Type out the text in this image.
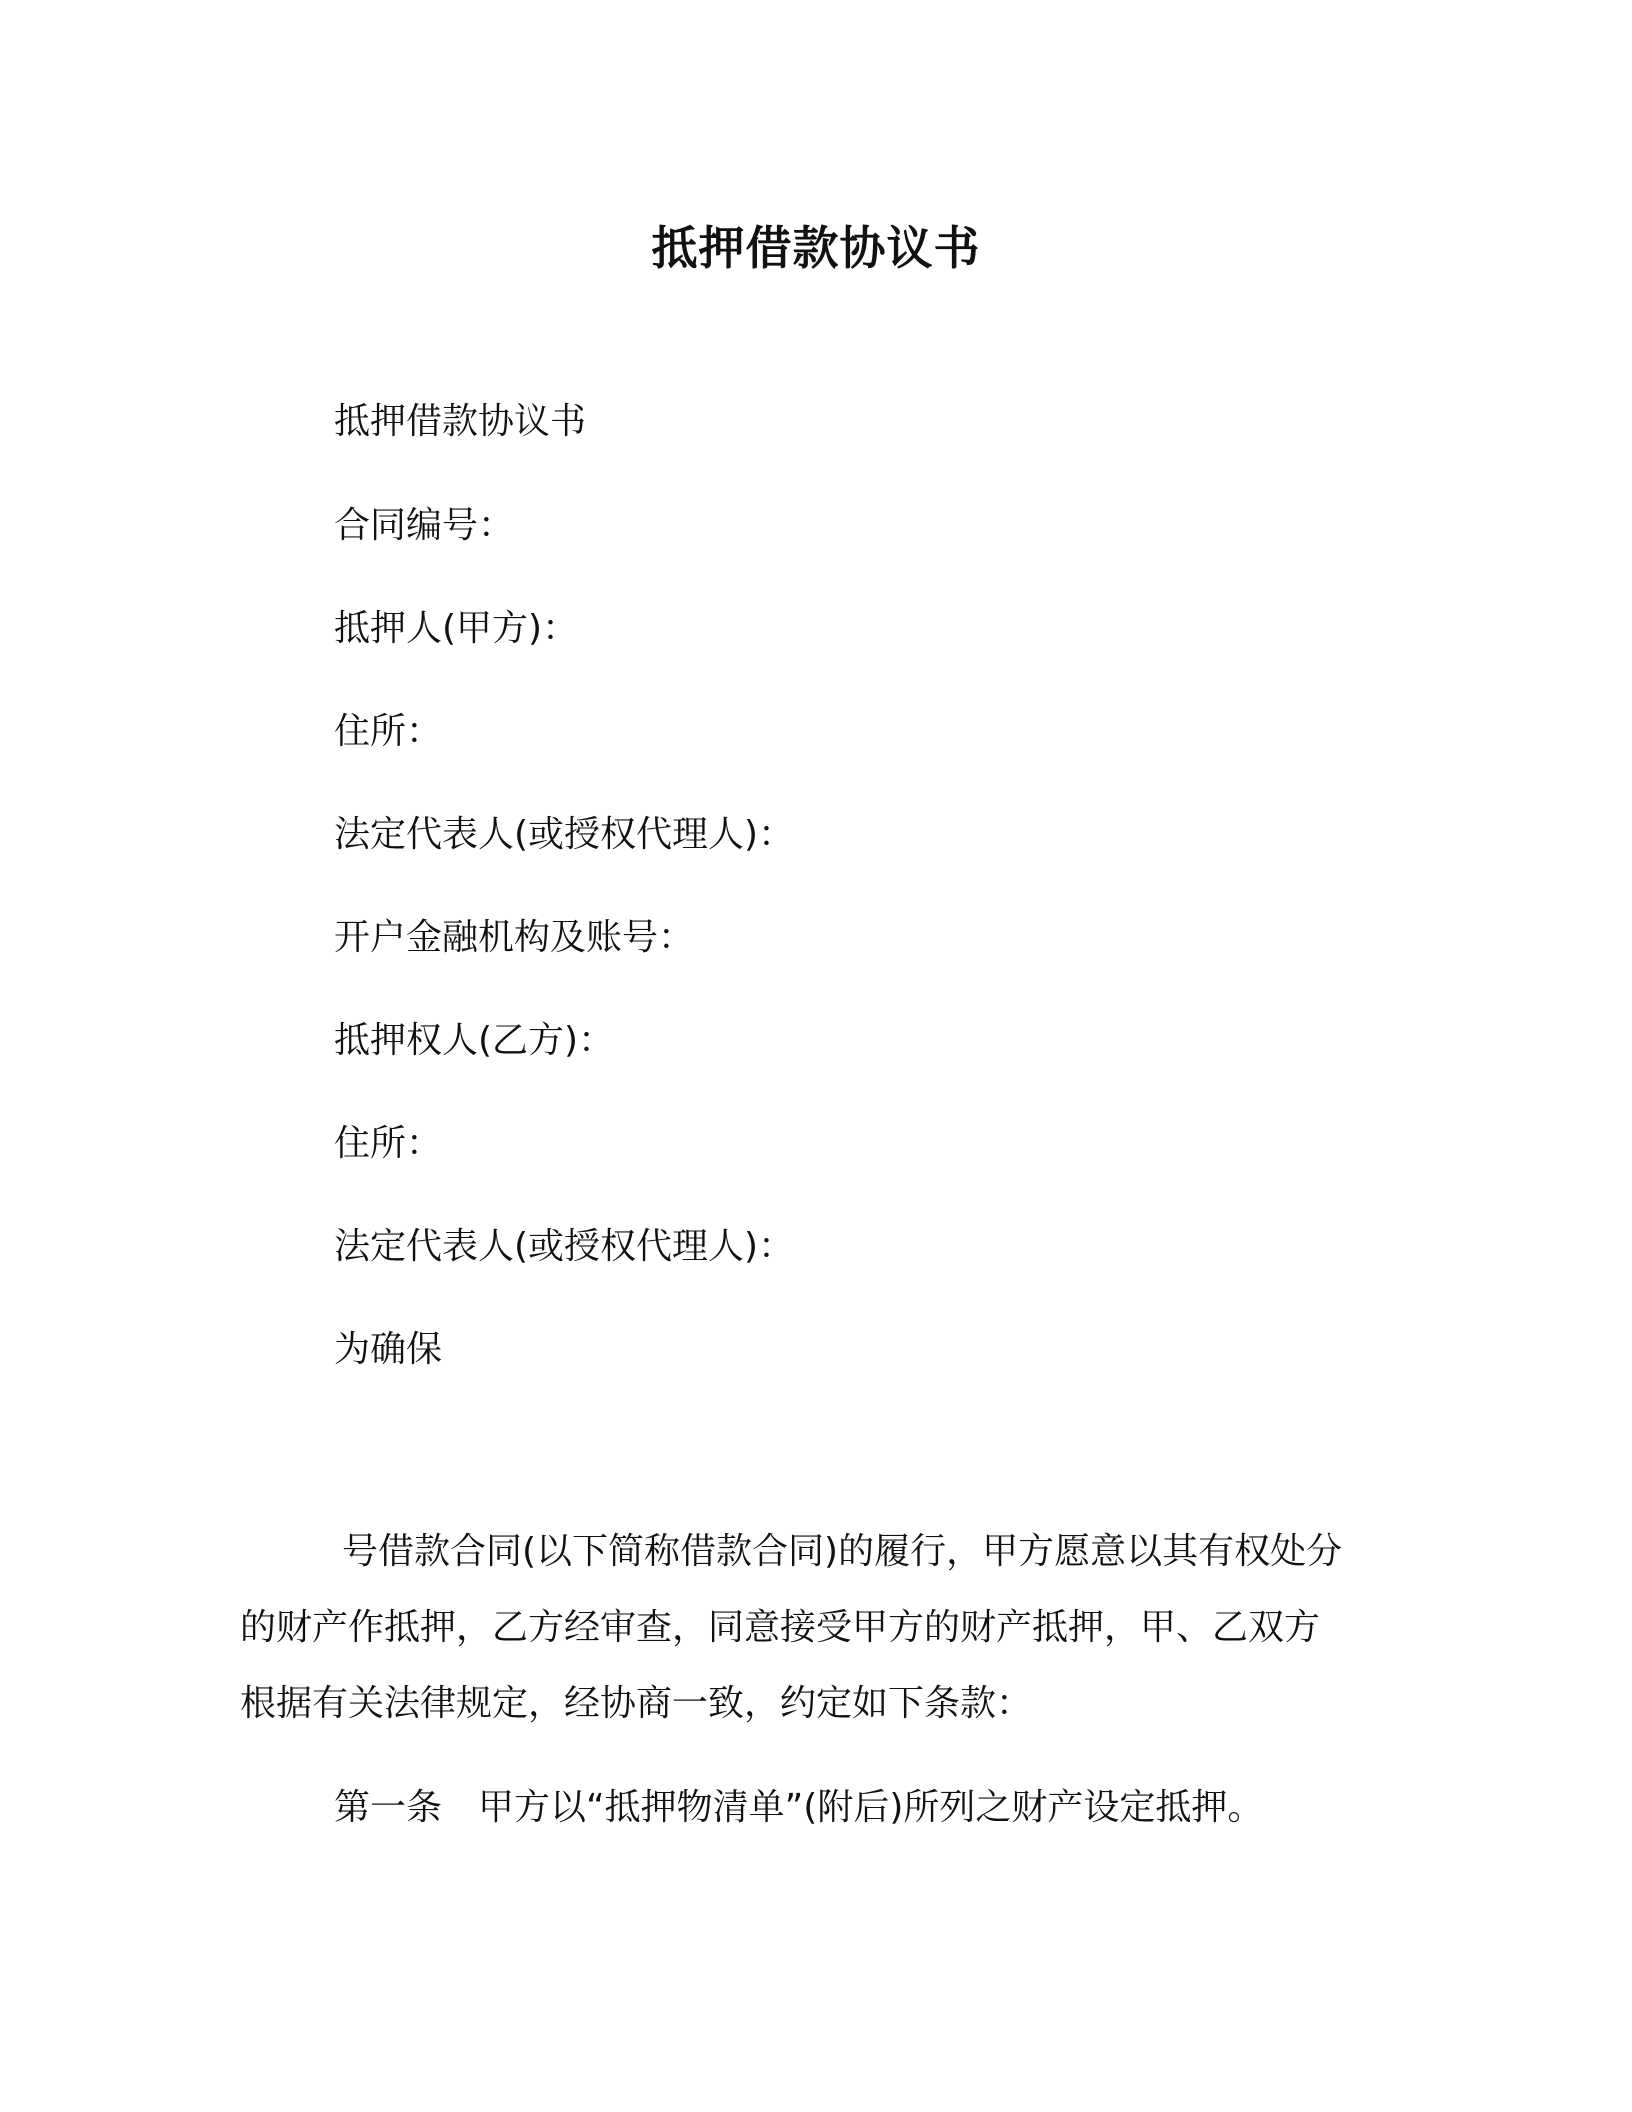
抵押借款协议书
抵押借款协议书
合同编号：
抵押人(甲方)：
住所：
法定代表人(或授权代理人)：
开户金融机构及账号：
抵押权人(乙方)：
住所：
法定代表人(或授权代理人)：
为确保
号借款合同(以下简称借款合同)的履行，甲方愿意以其有权处分
的财产作抵押，乙方经审查，同意接受甲方的财产抵押，甲、乙双方
根据有关法律规定，经协商一致，约定如下条款：
第一条　甲方以“抵押物清单”(附后)所列之财产设定抵押。
